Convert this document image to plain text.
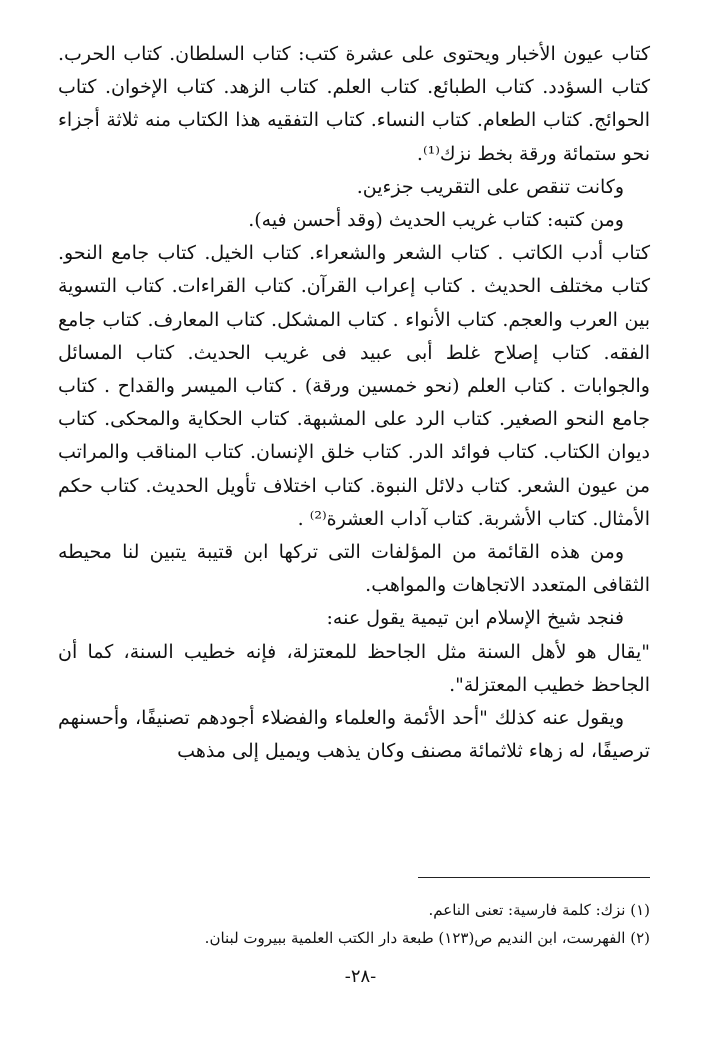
كتاب عيون الأخبار ويحتوى على عشرة كتب: كتاب السلطان. كتاب الحرب. كتاب السؤدد. كتاب الطبائع. كتاب العلم. كتاب الزهد. كتاب الإخوان. كتاب الحوائج. كتاب الطعام. كتاب النساء. كتاب التفقيه هذا الكتاب منه ثلاثة أجزاء نحو ستمائة ورقة بخط نزك⁽¹⁾.

وكانت تنقص على التقريب جزءين.

ومن كتبه: كتاب غريب الحديث (وقد أحسن فيه).

كتاب أدب الكاتب . كتاب الشعر والشعراء. كتاب الخيل. كتاب جامع النحو. كتاب مختلف الحديث . كتاب إعراب القرآن. كتاب القراءات. كتاب التسوية بين العرب والعجم. كتاب الأنواء . كتاب المشكل. كتاب المعارف. كتاب جامع الفقه. كتاب إصلاح غلط أبى عبيد فى غريب الحديث. كتاب المسائل والجوابات . كتاب العلم (نحو خمسين ورقة) . كتاب الميسر والقداح . كتاب جامع النحو الصغير. كتاب الرد على المشبهة. كتاب الحكاية والمحكى. كتاب ديوان الكتاب. كتاب فوائد الدر. كتاب خلق الإنسان. كتاب المناقب والمراتب من عيون الشعر. كتاب دلائل النبوة. كتاب اختلاف تأويل الحديث. كتاب حكم الأمثال. كتاب الأشربة. كتاب آداب العشرة⁽²⁾ .

ومن هذه القائمة من المؤلفات التى تركها ابن قتيبة يتبين لنا محيطه الثقافى المتعدد الاتجاهات والمواهب.

فنجد شيخ الإسلام ابن تيمية يقول عنه:

"يقال هو لأهل السنة مثل الجاحظ للمعتزلة، فإنه خطيب السنة، كما أن الجاحظ خطيب المعتزلة".

ويقول عنه كذلك "أحد الأئمة والعلماء والفضلاء أجودهم تصنيفًا، وأحسنهم ترصيفًا، له زهاء ثلاثمائة مصنف وكان يذهب ويميل إلى مذهب

(١) نزك: كلمة فارسية: تعنى الناعم.

(٢) الفهرست، ابن النديم ص(١٢٣) طبعة دار الكتب العلمية ببيروت لبنان.

-٢٨-
